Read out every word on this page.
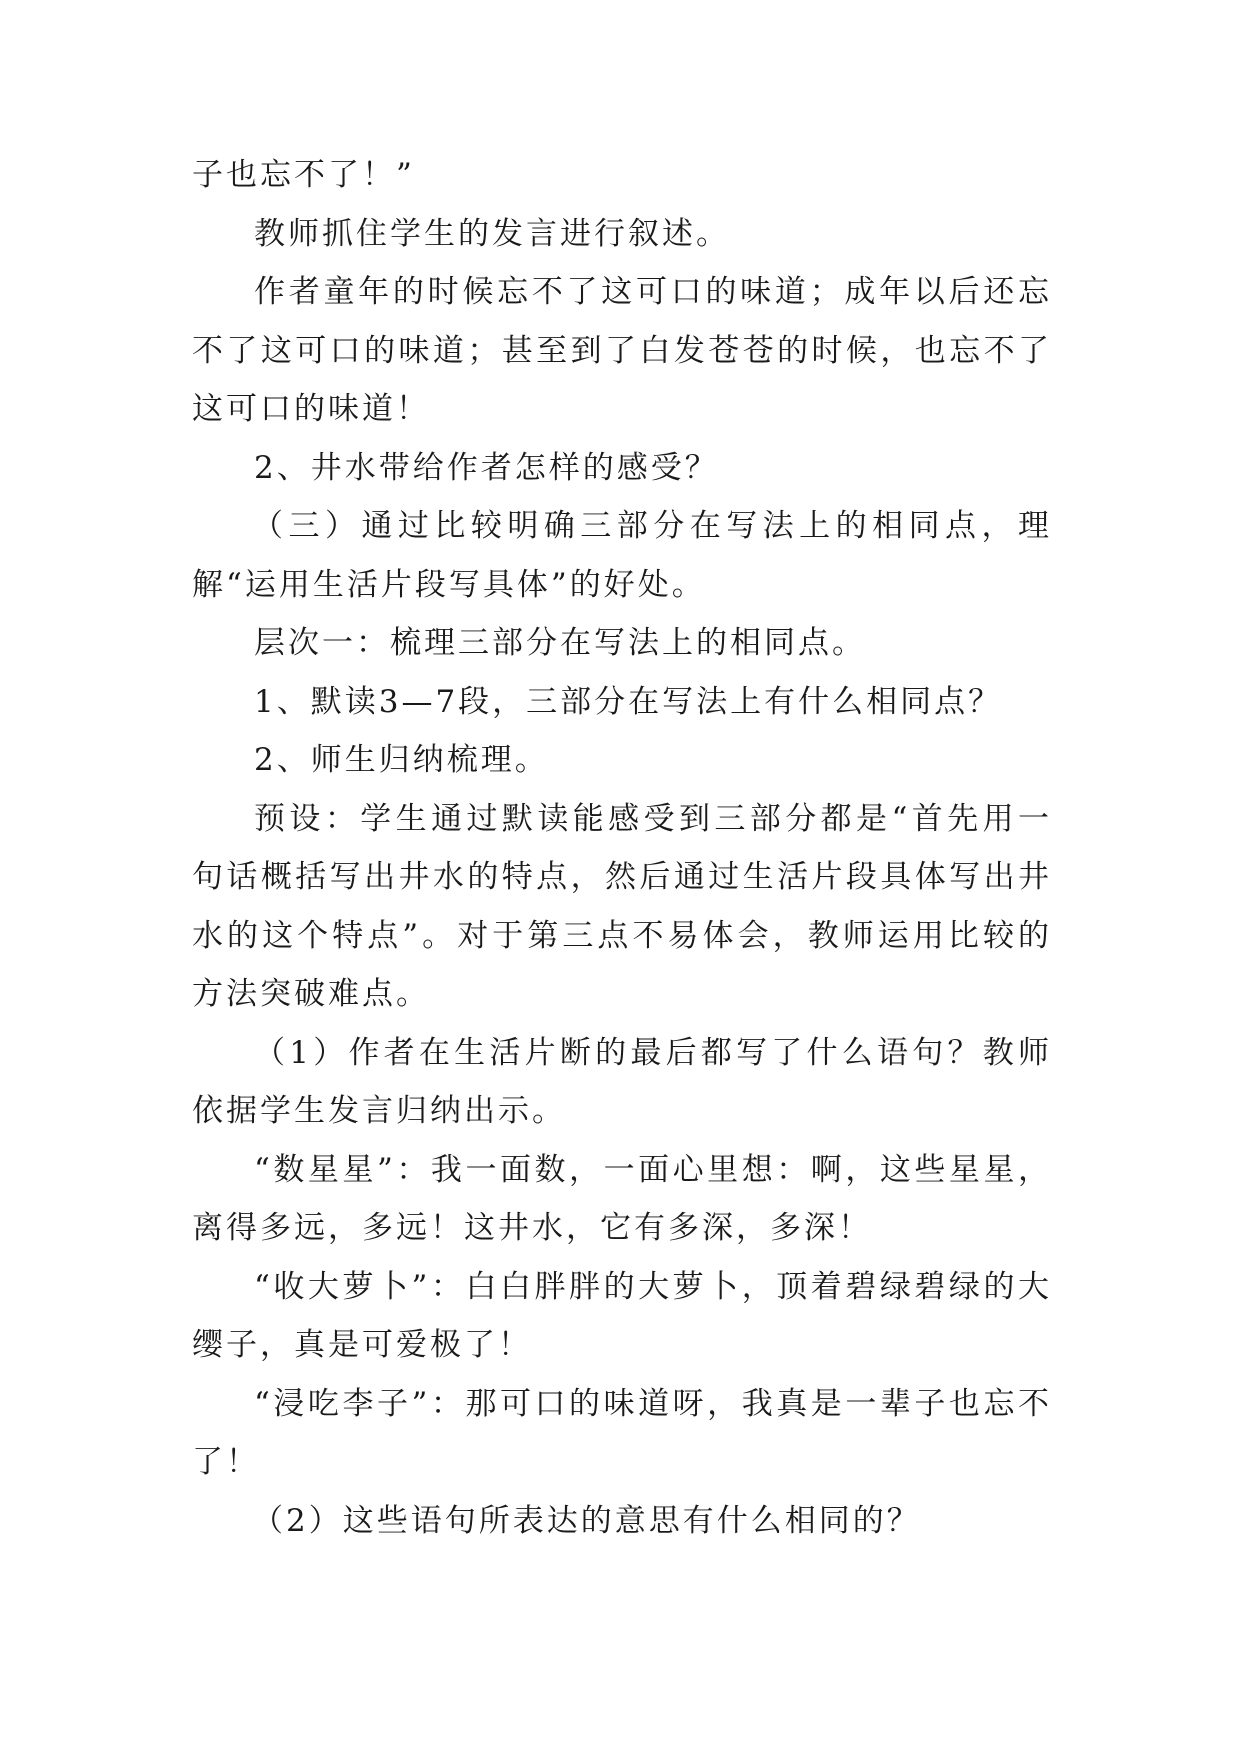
子也忘不了！”

教师抓住学生的发言进行叙述。

作者童年的时候忘不了这可口的味道；成年以后还忘不了这可口的味道；甚至到了白发苍苍的时候，也忘不了这可口的味道！

2、井水带给作者怎样的感受？

（三）通过比较明确三部分在写法上的相同点，理解“运用生活片段写具体”的好处。

层次一：梳理三部分在写法上的相同点。

1、默读3—7段，三部分在写法上有什么相同点？

2、师生归纳梳理。

预设：学生通过默读能感受到三部分都是“首先用一句话概括写出井水的特点，然后通过生活片段具体写出井水的这个特点”。对于第三点不易体会，教师运用比较的方法突破难点。

（1）作者在生活片断的最后都写了什么语句？教师依据学生发言归纳出示。

“数星星”：我一面数，一面心里想：啊，这些星星，离得多远，多远！这井水，它有多深，多深！

“收大萝卜”：白白胖胖的大萝卜，顶着碧绿碧绿的大缨子，真是可爱极了！

“浸吃李子”：那可口的味道呀，我真是一辈子也忘不了！

（2）这些语句所表达的意思有什么相同的？
